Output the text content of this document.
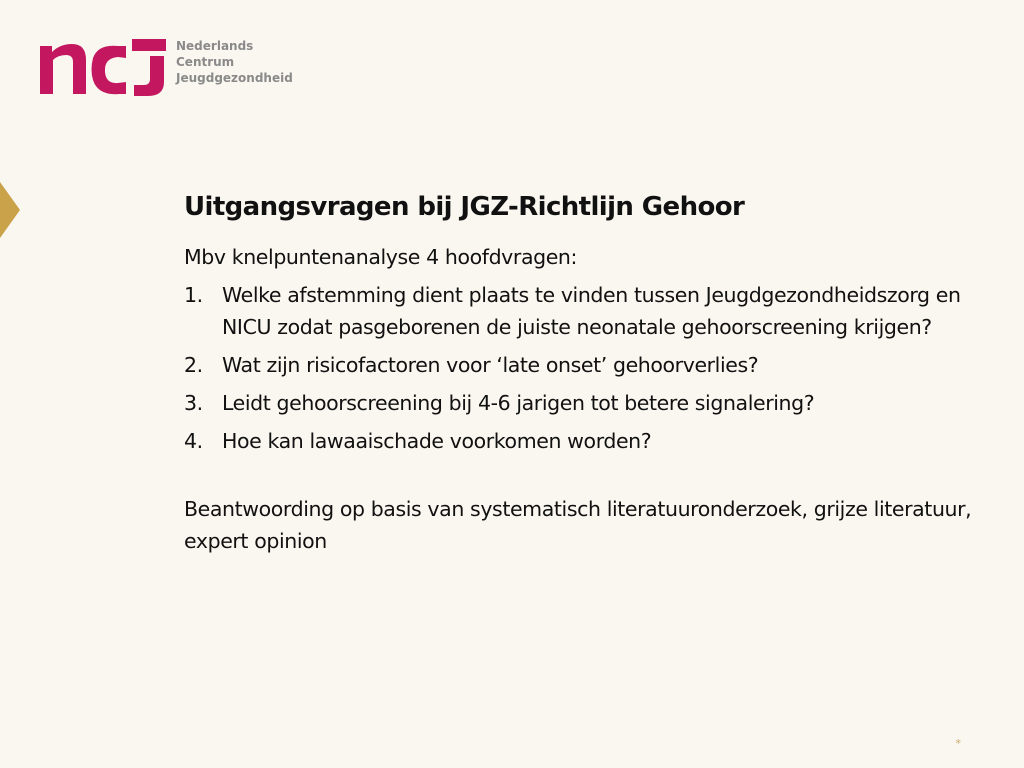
Nederlands
Centrum
Jeugdgezondheid
Uitgangsvragen bij JGZ-Richtlijn Gehoor
Mbv knelpuntenanalyse 4 hoofdvragen:
1. Welke afstemming dient plaats te vinden tussen Jeugdgezondheidszorg en NICU zodat pasgeborenen de juiste neonatale gehoorscreening krijgen?
2. Wat zijn risicofactoren voor ‘late onset’ gehoorverlies?
3. Leidt gehoorscreening bij 4-6 jarigen tot betere signalering?
4. Hoe kan lawaaischade voorkomen worden?
Beantwoording op basis van systematisch literatuuronderzoek, grijze literatuur, expert opinion
*
